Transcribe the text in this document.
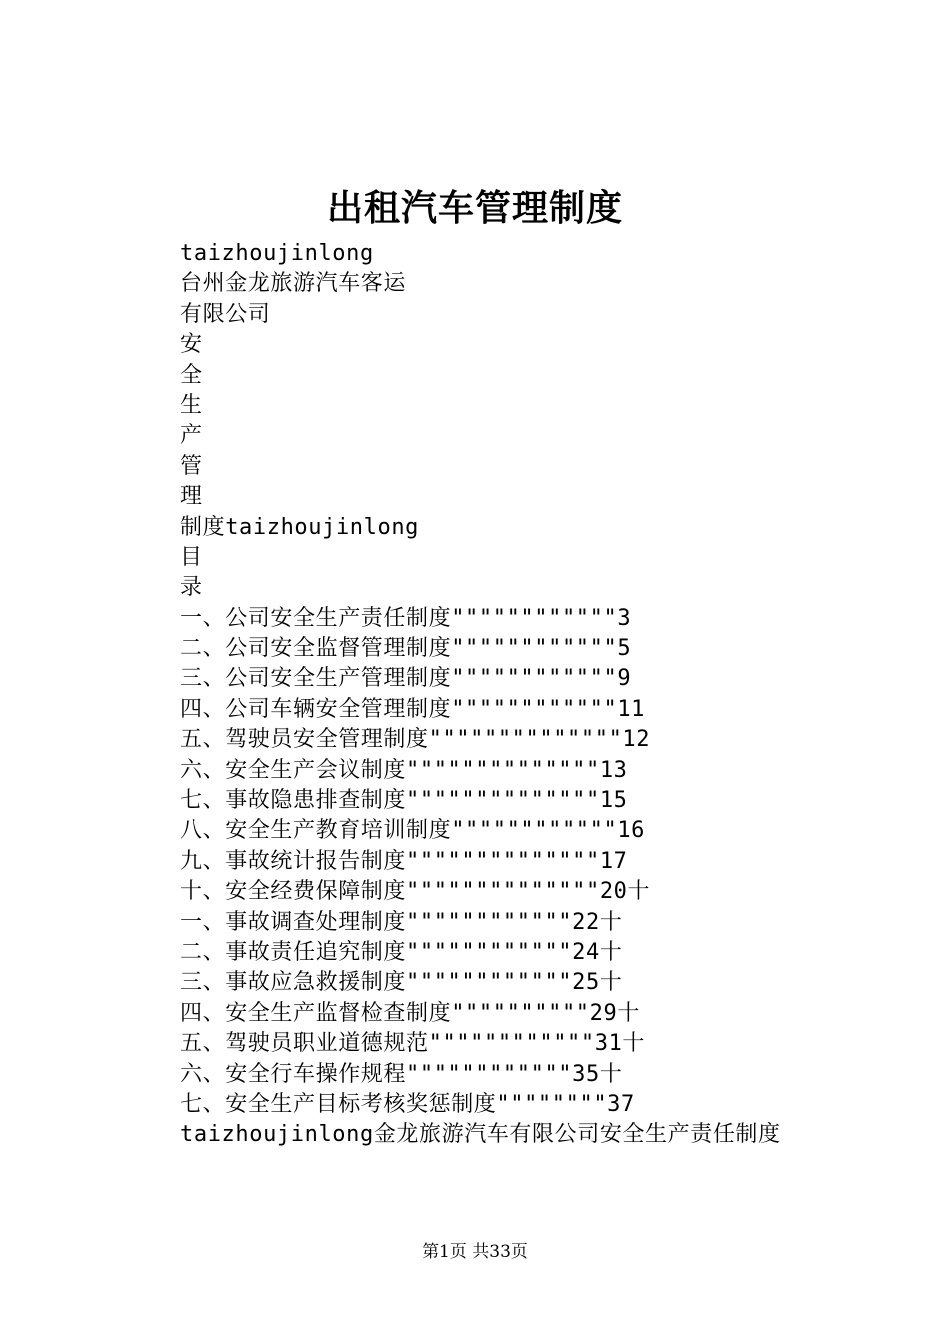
出租汽车管理制度
taizhoujinlong
台州金龙旅游汽车客运
有限公司
安
全
生
产
管
理
制度taizhoujinlong
目
录
一、公司安全生产责任制度""""""""""""3
二、公司安全监督管理制度""""""""""""5
三、公司安全生产管理制度""""""""""""9
四、公司车辆安全管理制度""""""""""""11
五、驾驶员安全管理制度""""""""""""""12
六、安全生产会议制度""""""""""""""13
七、事故隐患排查制度""""""""""""""15
八、安全生产教育培训制度""""""""""""16
九、事故统计报告制度""""""""""""""17
十、安全经费保障制度""""""""""""""20十
一、事故调查处理制度""""""""""""22十
二、事故责任追究制度""""""""""""24十
三、事故应急救援制度""""""""""""25十
四、安全生产监督检查制度""""""""""29十
五、驾驶员职业道德规范""""""""""""31十
六、安全行车操作规程""""""""""""35十
七、安全生产目标考核奖惩制度""""""""37
taizhoujinlong金龙旅游汽车有限公司安全生产责任制度
第1页 共33页
